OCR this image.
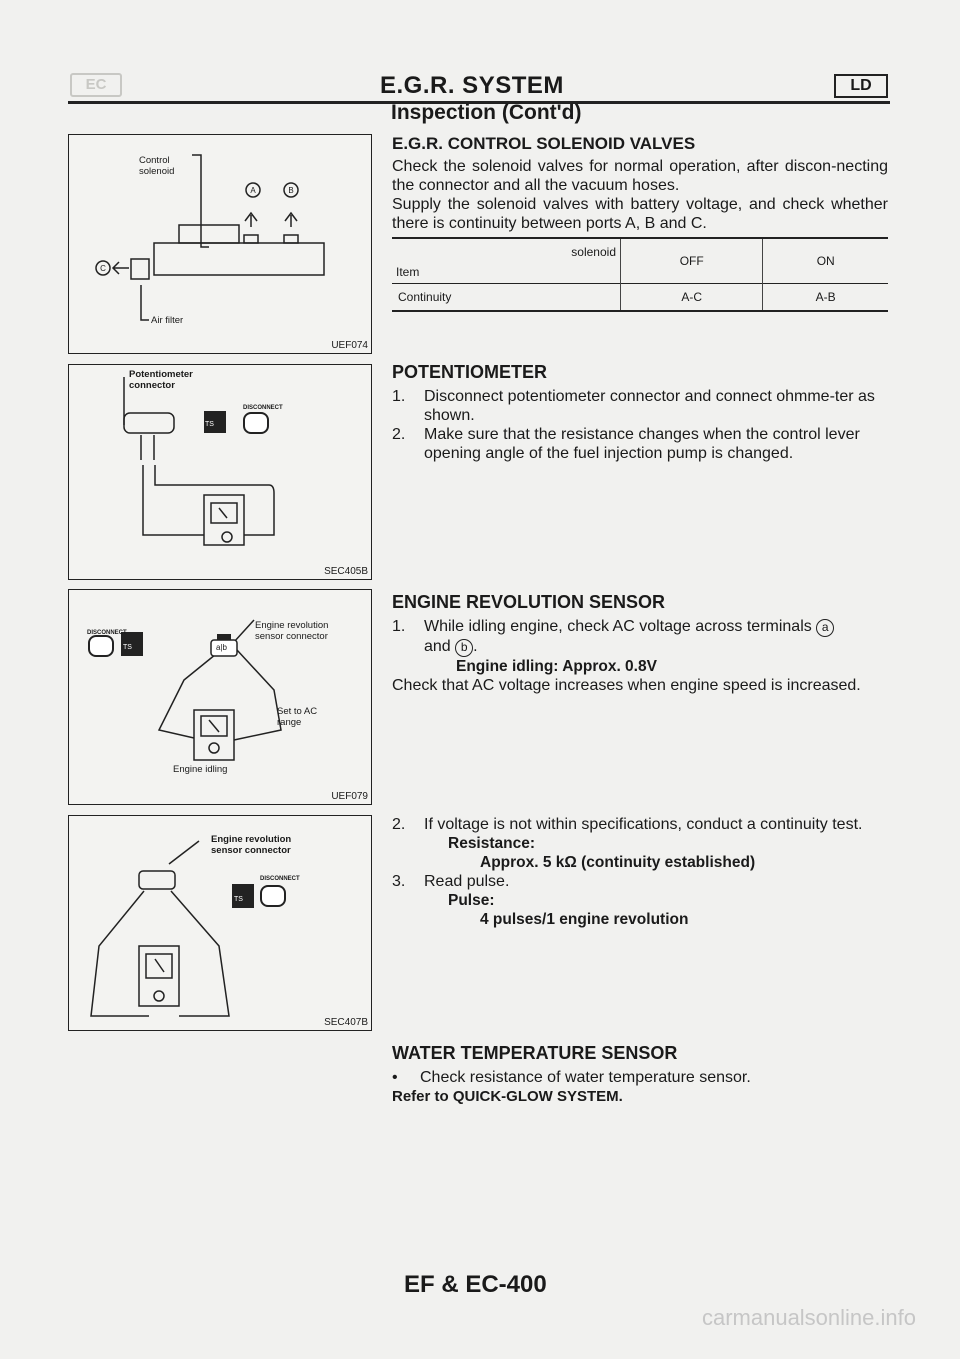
EC	E.G.R. SYSTEM	LD
Inspection (Cont'd)
Control solenoid
A	B
C
Air filter
UEF074
Potentiometer connector
TS
DISCONNECT
SEC405B
DISCONNECT
TS	a|b
Engine revolution sensor connector
Set to AC range
Engine idling
UEF079
Engine revolution sensor connector
TS
DISCONNECT
SEC407B
E.G.R. CONTROL SOLENOID VALVES

Check the solenoid valves for normal operation, after discon-necting the connector and all the vacuum hoses.

Supply the solenoid valves with battery voltage, and check whether there is continuity between ports A, B and C.

solenoid
Item	OFF	ON
Continuity	A-C	A-B
POTENTIOMETER
1.	Disconnect potentiometer connector and connect ohmme-ter as shown.
2.	Make sure that the resistance changes when the control lever opening angle of the fuel injection pump is changed.
ENGINE REVOLUTION SENSOR
1.	While idling engine, check AC voltage across terminals a
and b .
Engine idling: Approx. 0.8V

Check that AC voltage increases when engine speed is increased.

2.	If voltage is not within specifications, conduct a continuity test.
Resistance:
Approx. 5 kΩ (continuity established)
3.	Read pulse.
Pulse:
4 pulses/1 engine revolution
WATER TEMPERATURE SENSOR
•	Check resistance of water temperature sensor.
Refer to QUICK-GLOW SYSTEM.
EF & EC-400
carmanualsonline.info
